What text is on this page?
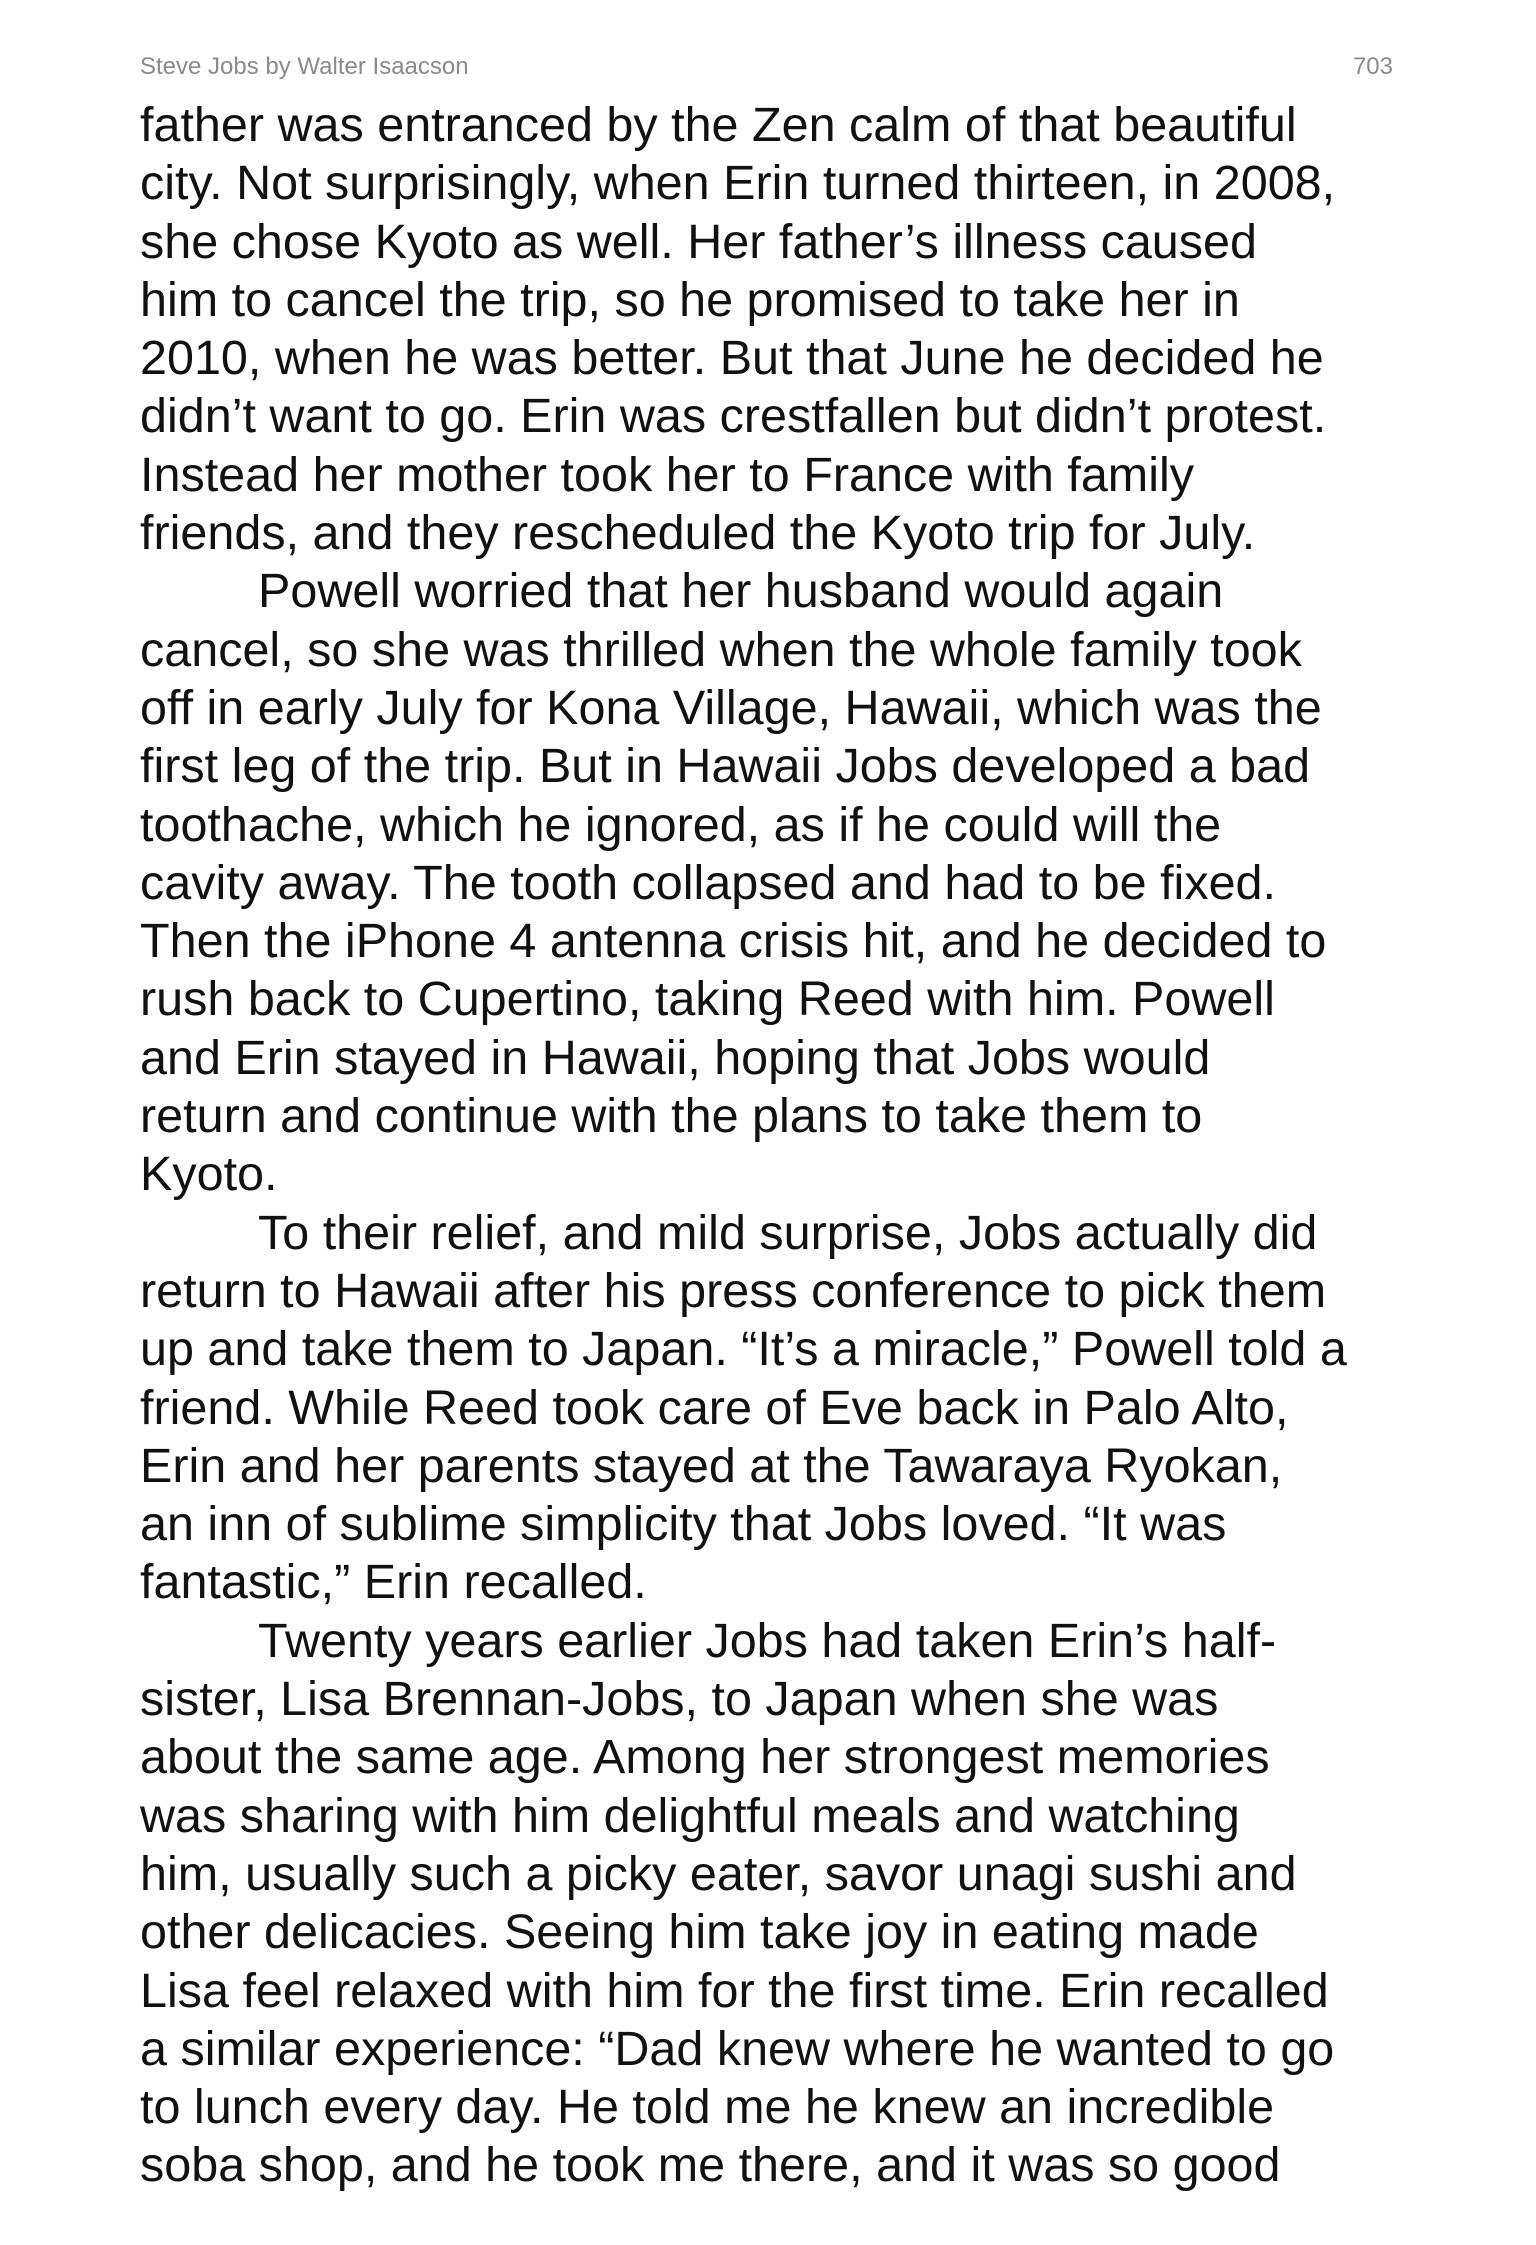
Steve Jobs by Walter Isaacson	703
father was entranced by the Zen calm of that beautiful
city. Not surprisingly, when Erin turned thirteen, in 2008,
she chose Kyoto as well. Her father’s illness caused
him to cancel the trip, so he promised to take her in
2010, when he was better. But that June he decided he
didn’t want to go. Erin was crestfallen but didn’t protest.
Instead her mother took her to France with family
friends, and they rescheduled the Kyoto trip for July.
Powell worried that her husband would again
cancel, so she was thrilled when the whole family took
off in early July for Kona Village, Hawaii, which was the
first leg of the trip. But in Hawaii Jobs developed a bad
toothache, which he ignored, as if he could will the
cavity away. The tooth collapsed and had to be fixed.
Then the iPhone 4 antenna crisis hit, and he decided to
rush back to Cupertino, taking Reed with him. Powell
and Erin stayed in Hawaii, hoping that Jobs would
return and continue with the plans to take them to
Kyoto.
To their relief, and mild surprise, Jobs actually did
return to Hawaii after his press conference to pick them
up and take them to Japan. “It’s a miracle,” Powell told a
friend. While Reed took care of Eve back in Palo Alto,
Erin and her parents stayed at the Tawaraya Ryokan,
an inn of sublime simplicity that Jobs loved. “It was
fantastic,” Erin recalled.
Twenty years earlier Jobs had taken Erin’s half-
sister, Lisa Brennan-Jobs, to Japan when she was
about the same age. Among her strongest memories
was sharing with him delightful meals and watching
him, usually such a picky eater, savor unagi sushi and
other delicacies. Seeing him take joy in eating made
Lisa feel relaxed with him for the first time. Erin recalled
a similar experience: “Dad knew where he wanted to go
to lunch every day. He told me he knew an incredible
soba shop, and he took me there, and it was so good
